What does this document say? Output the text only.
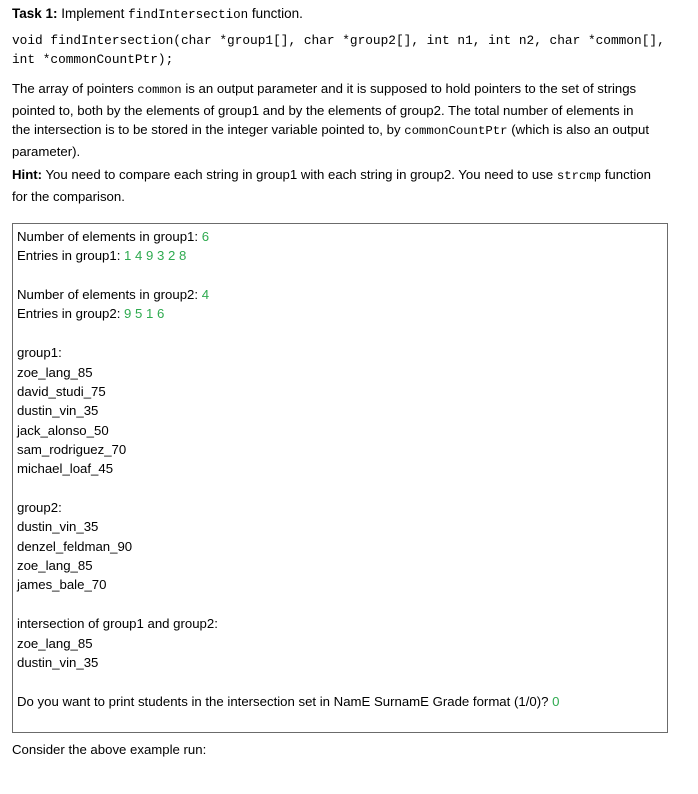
Task 1: Implement findIntersection function.
void findIntersection(char *group1[], char *group2[], int n1, int n2, char *common[],
int *commonCountPtr);
The array of pointers common is an output parameter and it is supposed to hold pointers to the set of strings pointed to, both by the elements of group1 and by the elements of group2. The total number of elements in the intersection is to be stored in the integer variable pointed to, by commonCountPtr (which is also an output parameter).
Hint: You need to compare each string in group1 with each string in group2. You need to use strcmp function for the comparison.
Number of elements in group1: 6
Entries in group1: 1 4 9 3 2 8
Number of elements in group2: 4
Entries in group2: 9 5 1 6
group1:
zoe_lang_85
david_studi_75
dustin_vin_35
jack_alonso_50
sam_rodriguez_70
michael_loaf_45
group2:
dustin_vin_35
denzel_feldman_90
zoe_lang_85
james_bale_70
intersection of group1 and group2:
zoe_lang_85
dustin_vin_35
Do you want to print students in the intersection set in NamE SurnamE Grade format (1/0)? 0
Consider the above example run:
